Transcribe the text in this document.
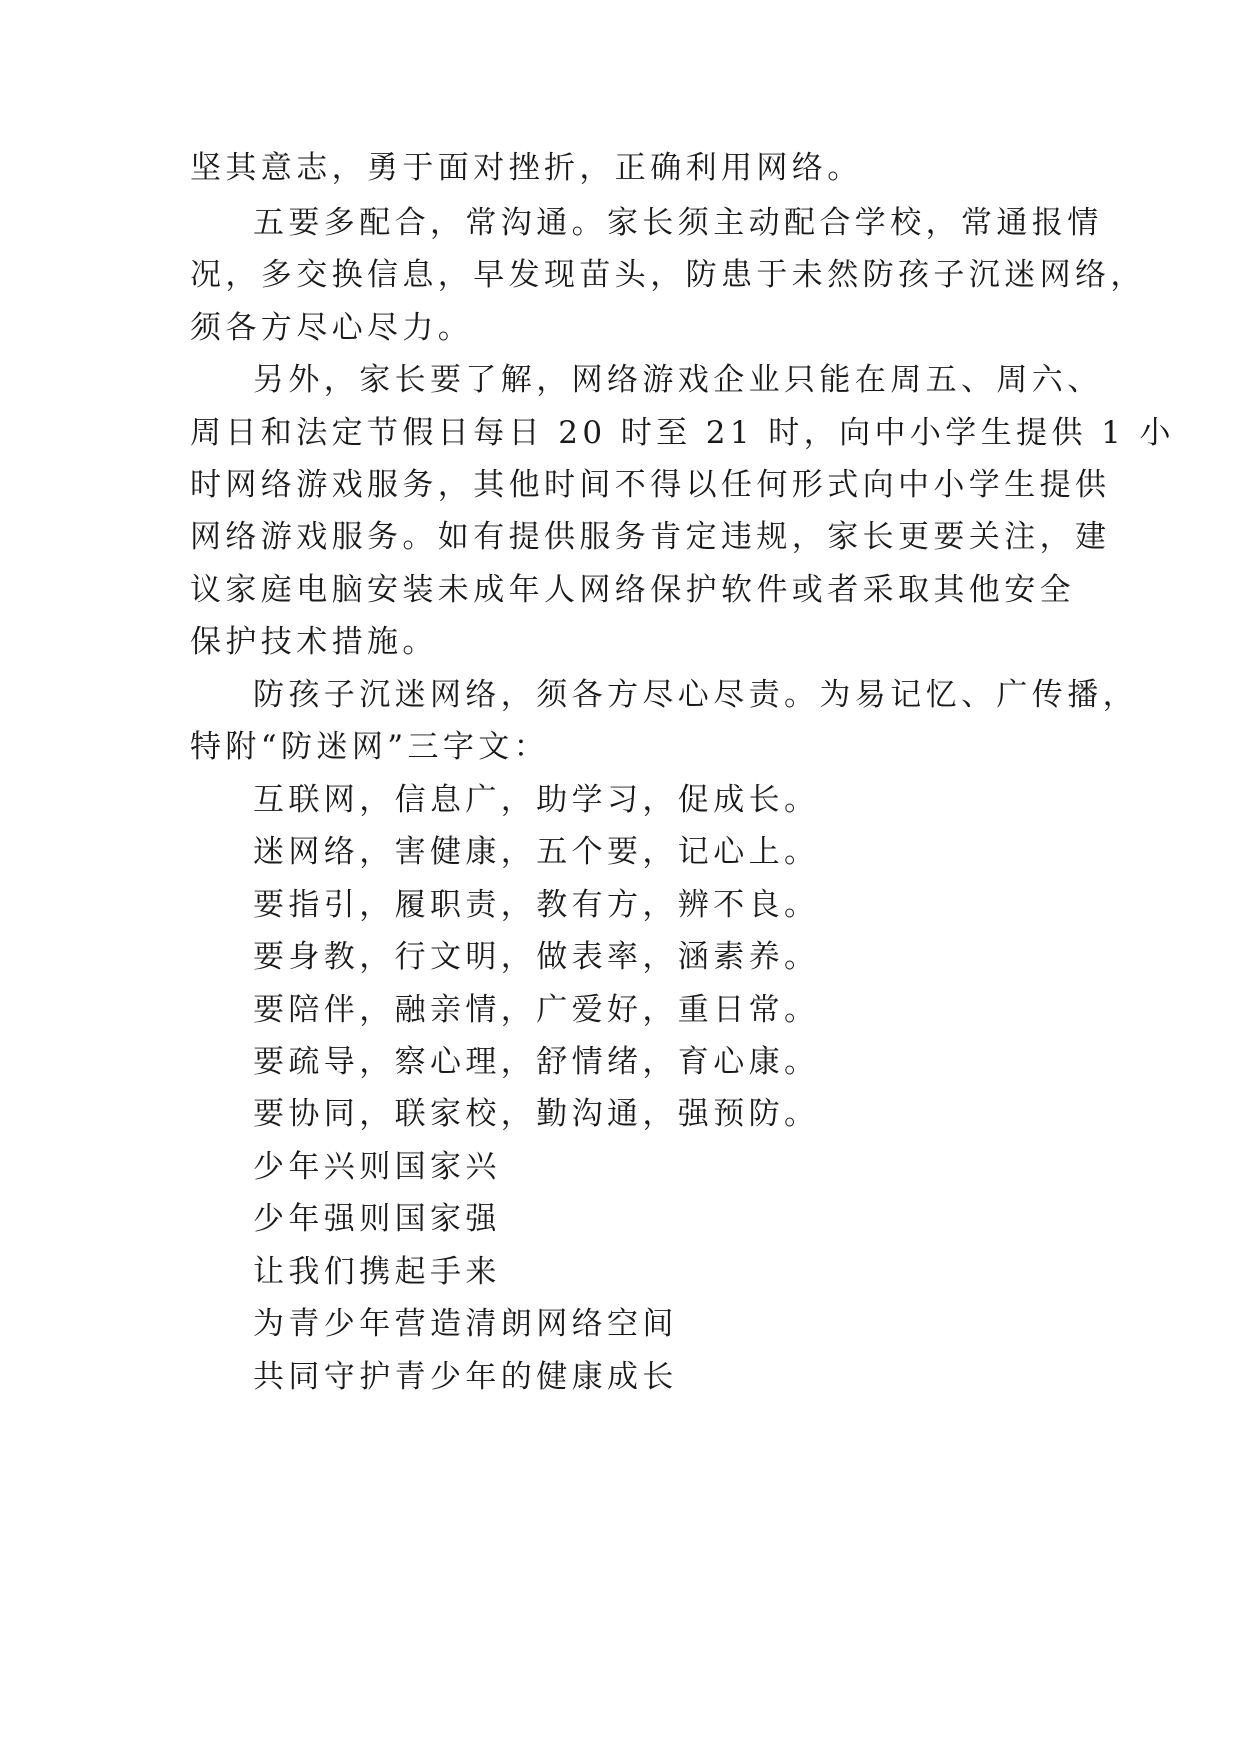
坚其意志，勇于面对挫折，正确利用网络。
五要多配合，常沟通。家长须主动配合学校，常通报情
况，多交换信息，早发现苗头，防患于未然防孩子沉迷网络，
须各方尽心尽力。
另外，家长要了解，网络游戏企业只能在周五、周六、
周日和法定节假日每日 20 时至 21 时，向中小学生提供 1 小
时网络游戏服务，其他时间不得以任何形式向中小学生提供
网络游戏服务。如有提供服务肯定违规，家长更要关注，建
议家庭电脑安装未成年人网络保护软件或者采取其他安全
保护技术措施。
防孩子沉迷网络，须各方尽心尽责。为易记忆、广传播，
特附“防迷网”三字文：
互联网，信息广，助学习，促成长。
迷网络，害健康，五个要，记心上。
要指引，履职责，教有方，辨不良。
要身教，行文明，做表率，涵素养。
要陪伴，融亲情，广爱好，重日常。
要疏导，察心理，舒情绪，育心康。
要协同，联家校，勤沟通，强预防。
少年兴则国家兴
少年强则国家强
让我们携起手来
为青少年营造清朗网络空间
共同守护青少年的健康成长
